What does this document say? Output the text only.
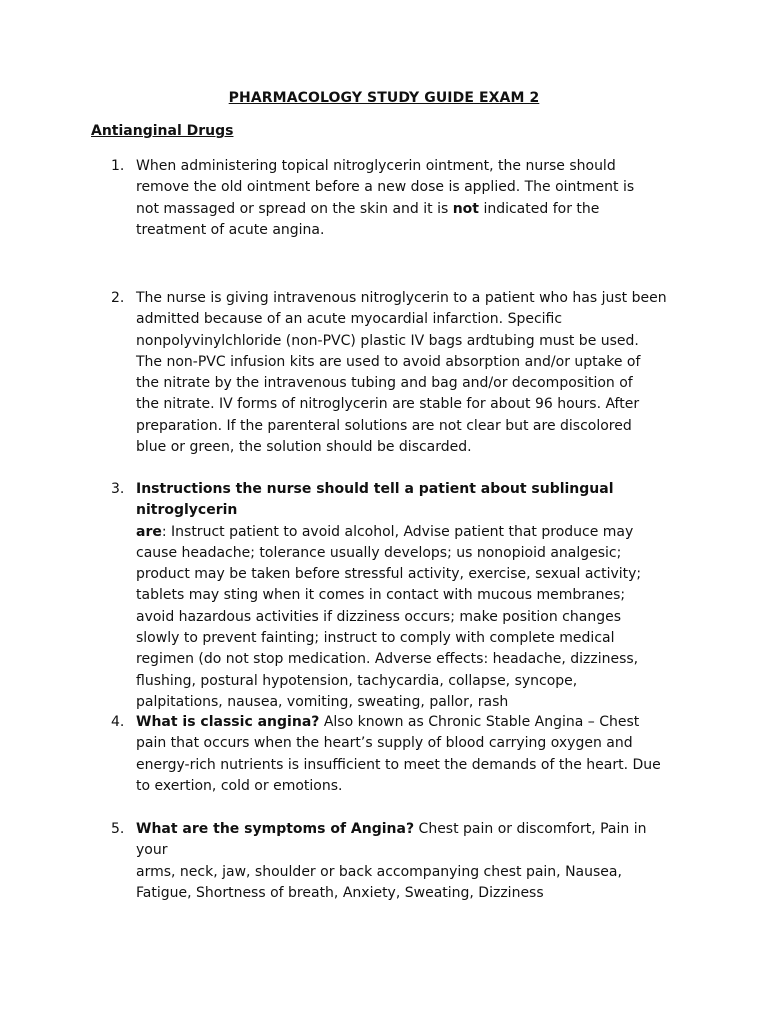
PHARMACOLOGY STUDY GUIDE EXAM 2
Antianginal Drugs
1. When administering topical nitroglycerin ointment, the nurse should
remove the old ointment before a new dose is applied. The ointment is
not massaged or spread on the skin and it is not indicated for the
treatment of acute angina.
2. The nurse is giving intravenous nitroglycerin to a patient who has just been
admitted because of an acute myocardial infarction. Specific
nonpolyvinylchloride (non-PVC) plastic IV bags ardtubing must be used.
The non-PVC infusion kits are used to avoid absorption and/or uptake of
the nitrate by the intravenous tubing and bag and/or decomposition of
the nitrate. IV forms of nitroglycerin are stable for about 96 hours. After
preparation. If the parenteral solutions are not clear but are discolored
blue or green, the solution should be discarded.
3. Instructions the nurse should tell a patient about sublingual nitroglycerin
are: Instruct patient to avoid alcohol, Advise patient that produce may
cause headache; tolerance usually develops; us nonopioid analgesic;
product may be taken before stressful activity, exercise, sexual activity;
tablets may sting when it comes in contact with mucous membranes;
avoid hazardous activities if dizziness occurs; make position changes
slowly to prevent fainting; instruct to comply with complete medical
regimen (do not stop medication. Adverse effects: headache, dizziness,
flushing, postural hypotension, tachycardia, collapse, syncope,
palpitations, nausea, vomiting, sweating, pallor, rash
4. What is classic angina? Also known as Chronic Stable Angina – Chest
pain that occurs when the heart’s supply of blood carrying oxygen and
energy-rich nutrients is insufficient to meet the demands of the heart. Due
to exertion, cold or emotions.
5. What are the symptoms of Angina? Chest pain or discomfort, Pain in your
arms, neck, jaw, shoulder or back accompanying chest pain, Nausea,
Fatigue, Shortness of breath, Anxiety, Sweating, Dizziness
